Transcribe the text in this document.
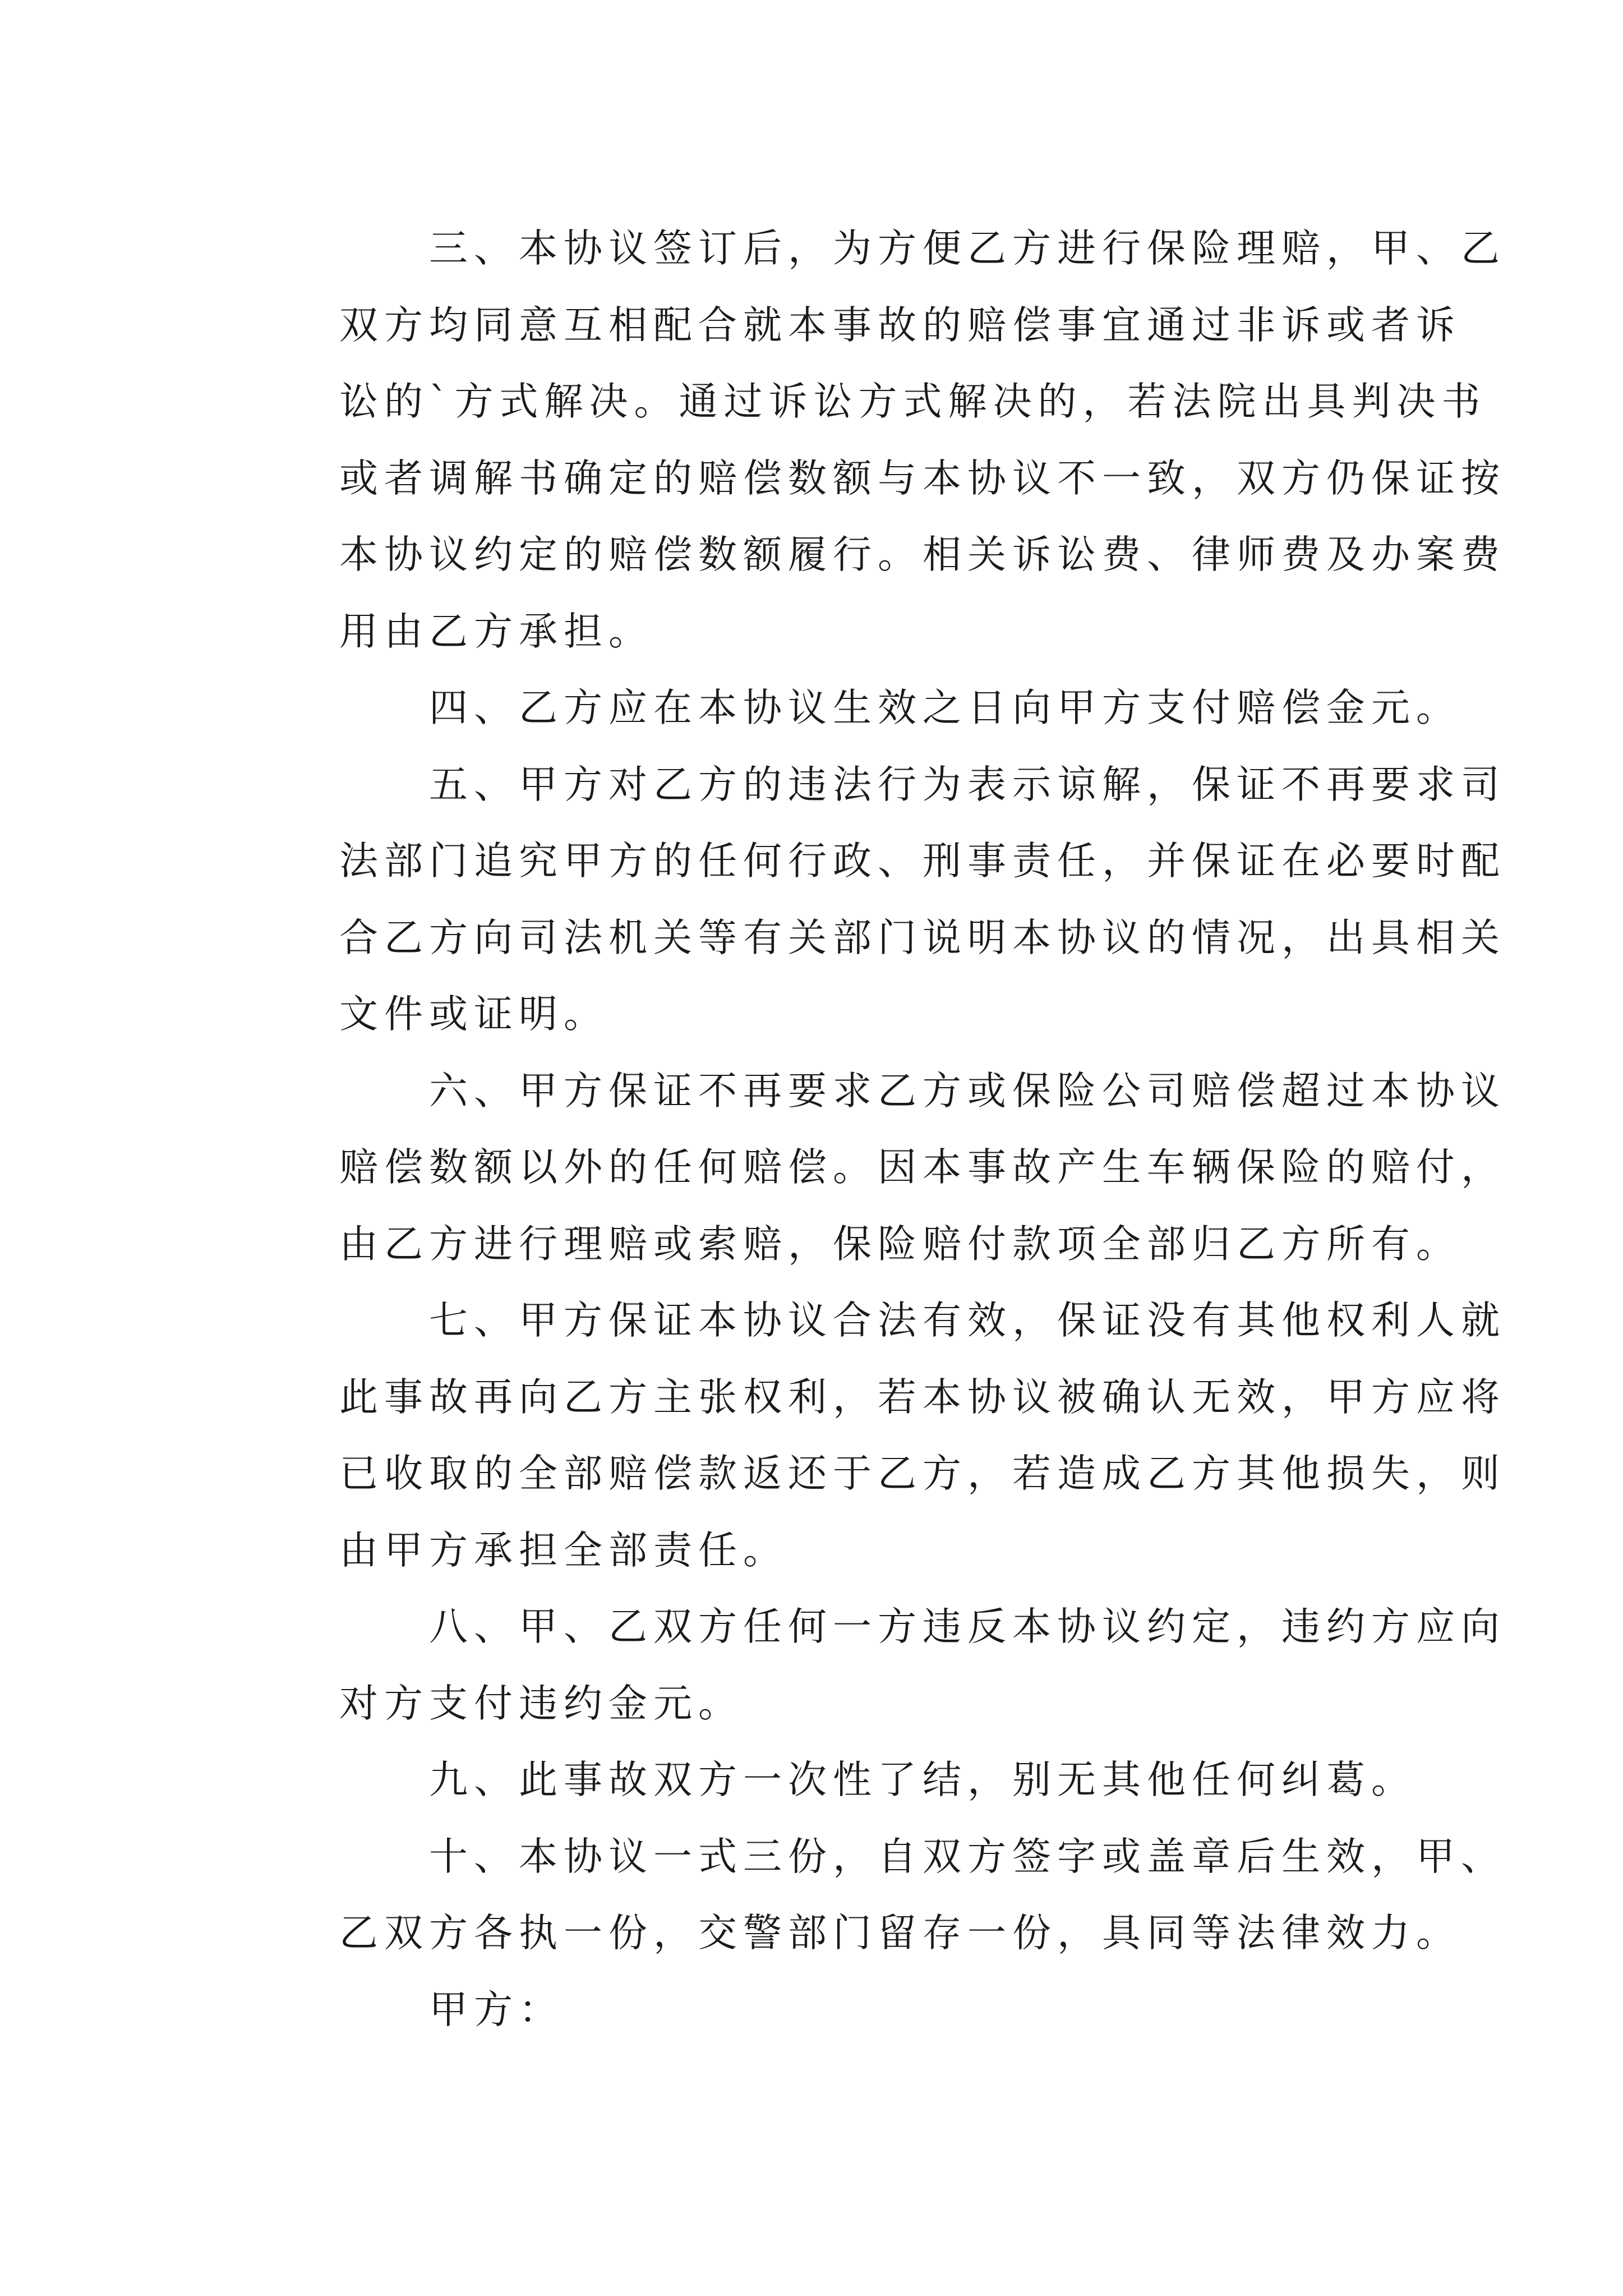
三、本协议签订后，为方便乙方进行保险理赔，甲、乙
双方均同意互相配合就本事故的赔偿事宜通过非诉或者诉
讼的`方式解决。通过诉讼方式解决的，若法院出具判决书
或者调解书确定的赔偿数额与本协议不一致，双方仍保证按
本协议约定的赔偿数额履行。相关诉讼费、律师费及办案费
用由乙方承担。
四、乙方应在本协议生效之日向甲方支付赔偿金元。
五、甲方对乙方的违法行为表示谅解，保证不再要求司
法部门追究甲方的任何行政、刑事责任，并保证在必要时配
合乙方向司法机关等有关部门说明本协议的情况，出具相关
文件或证明。
六、甲方保证不再要求乙方或保险公司赔偿超过本协议
赔偿数额以外的任何赔偿。因本事故产生车辆保险的赔付，
由乙方进行理赔或索赔，保险赔付款项全部归乙方所有。
七、甲方保证本协议合法有效，保证没有其他权利人就
此事故再向乙方主张权利，若本协议被确认无效，甲方应将
已收取的全部赔偿款返还于乙方，若造成乙方其他损失，则
由甲方承担全部责任。
八、甲、乙双方任何一方违反本协议约定，违约方应向
对方支付违约金元。
九、此事故双方一次性了结，别无其他任何纠葛。
十、本协议一式三份，自双方签字或盖章后生效，甲、
乙双方各执一份，交警部门留存一份，具同等法律效力。
甲方：
